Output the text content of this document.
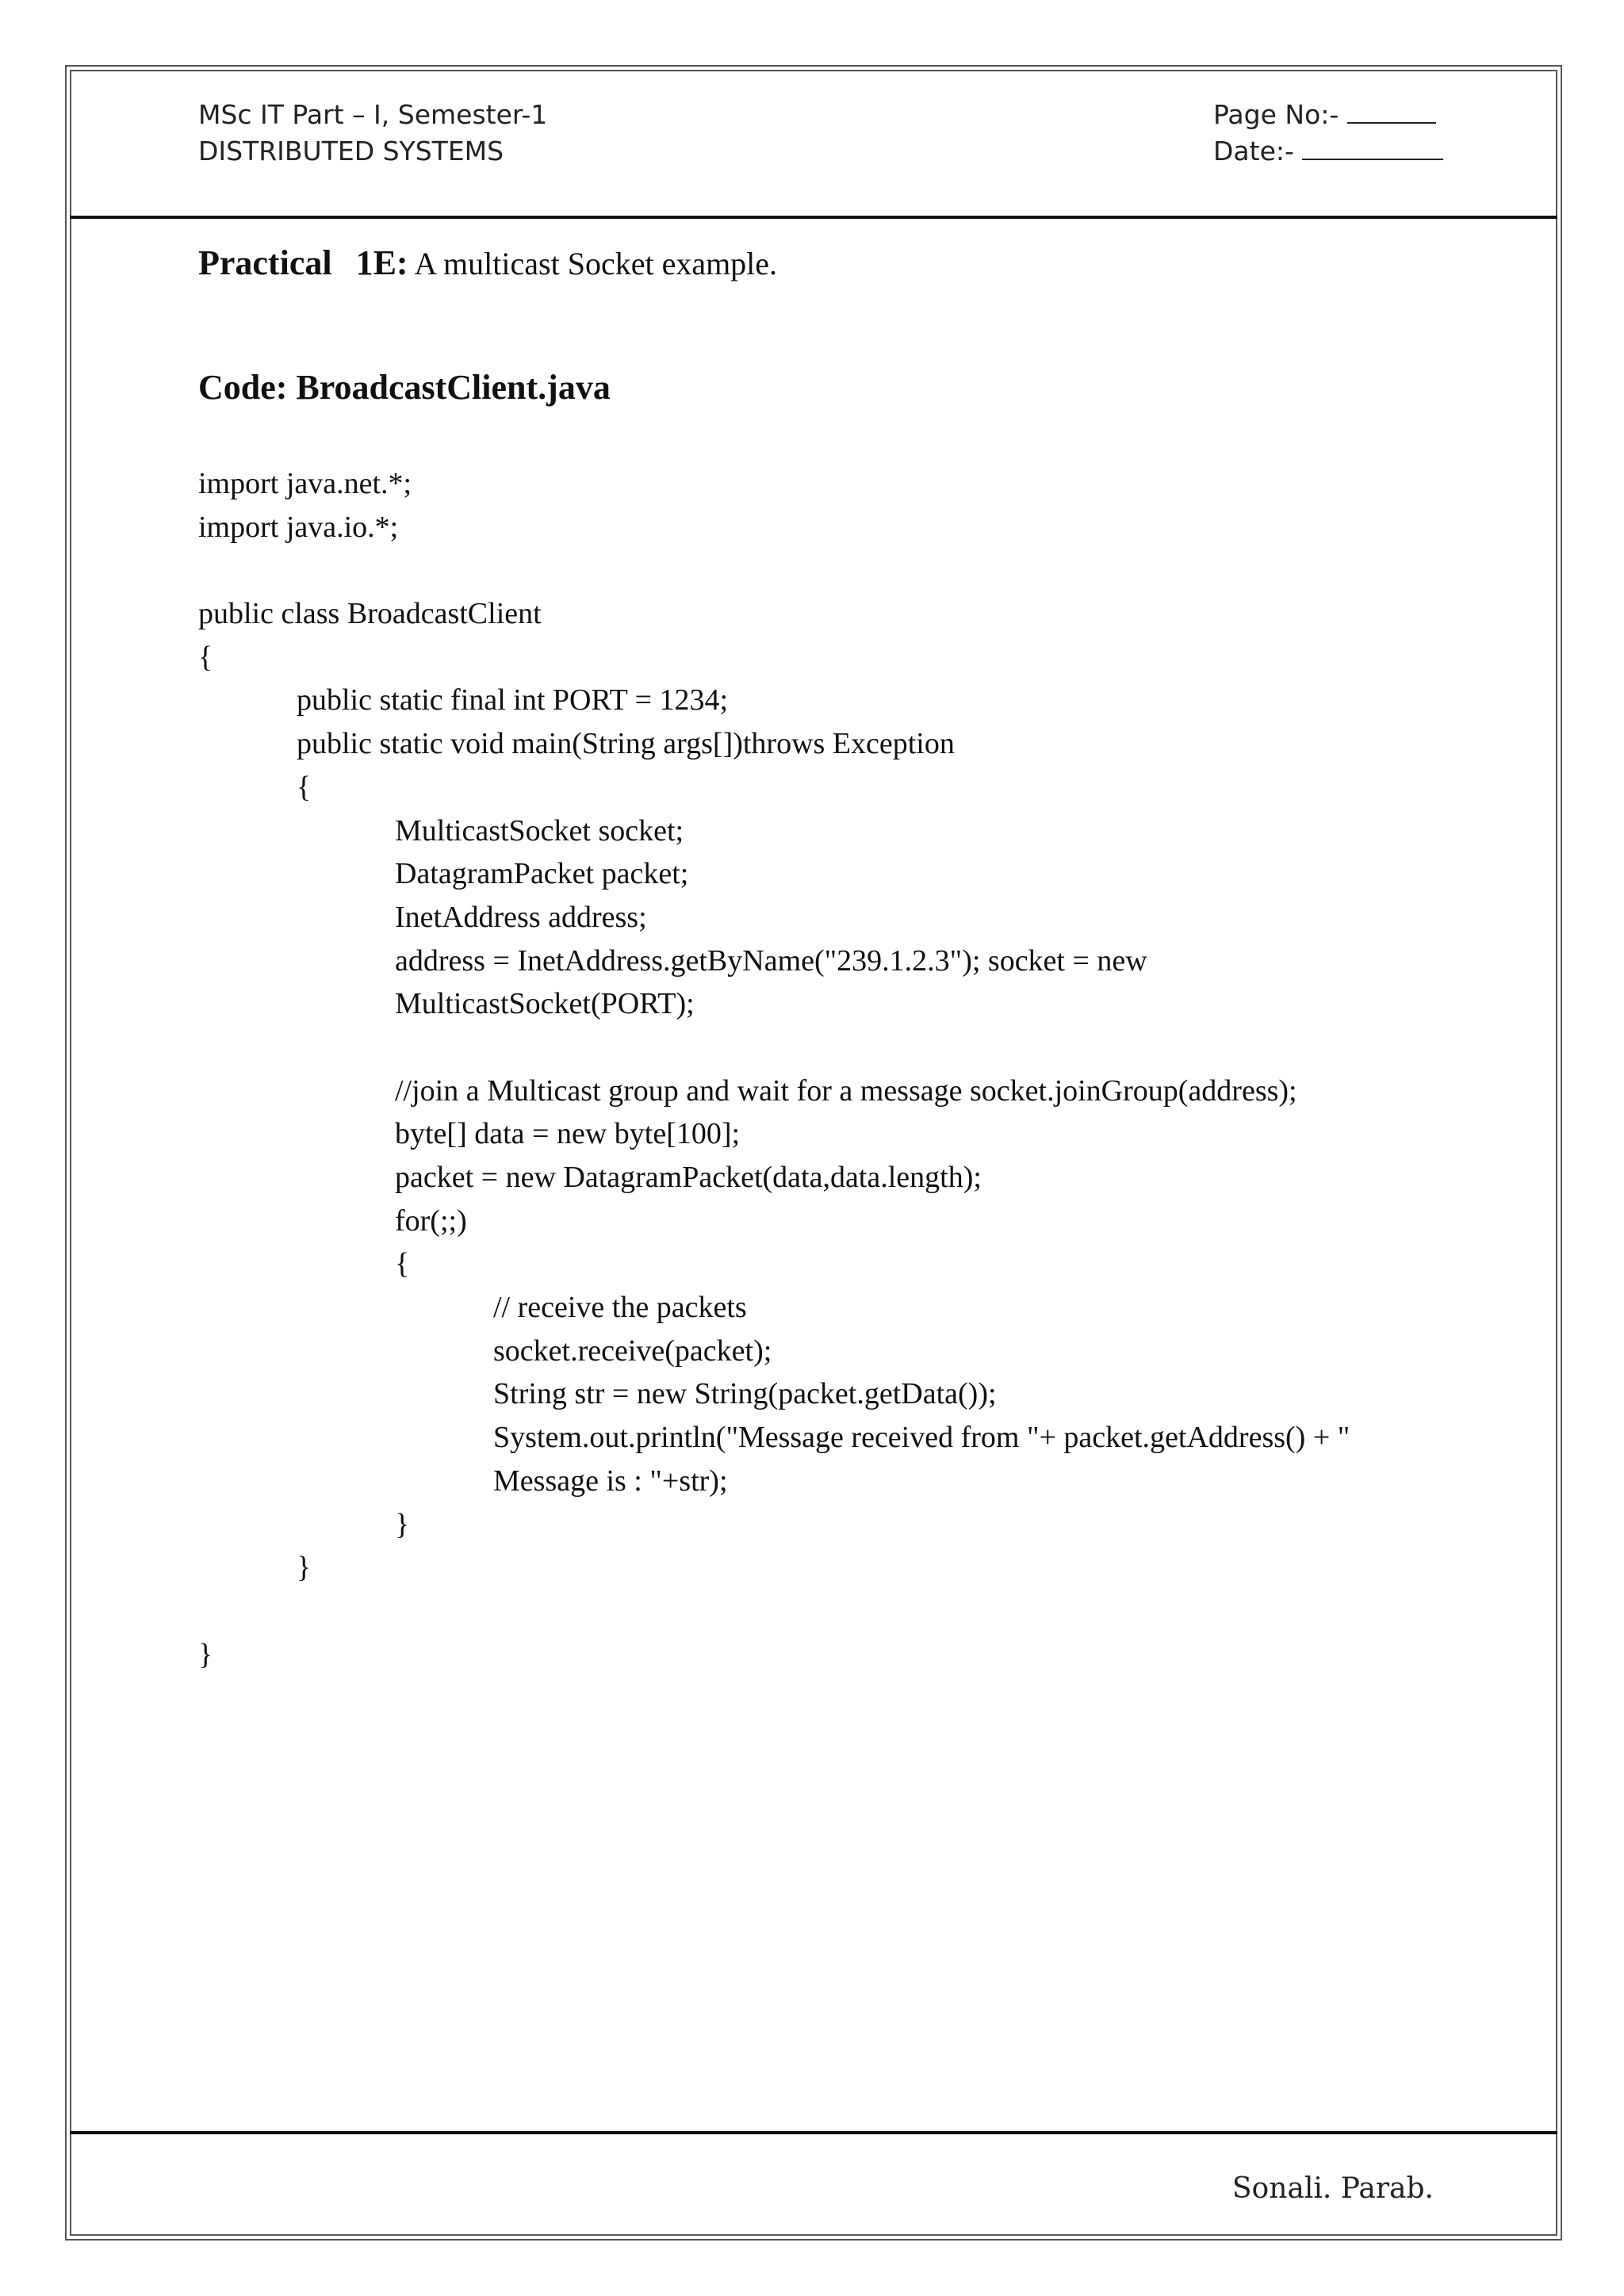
MSc IT Part – I, Semester-1
DISTRIBUTED SYSTEMS
Page No:-
Date:-

Practical 1E: A multicast Socket example.

Code: BroadcastClient.java

import java.net.*;
import java.io.*;
public class BroadcastClient
{
public static final int PORT = 1234;
public static void main(String args[])throws Exception
{
MulticastSocket socket;
DatagramPacket packet;
InetAddress address;
address = InetAddress.getByName("239.1.2.3"); socket = new
MulticastSocket(PORT);
//join a Multicast group and wait for a message socket.joinGroup(address);
byte[] data = new byte[100];
packet = new DatagramPacket(data,data.length);
for(;;)
{
// receive the packets
socket.receive(packet);
String str = new String(packet.getData());
System.out.println("Message received from "+ packet.getAddress() + "
Message is : "+str);
}
}
}
Sonali. Parab.
